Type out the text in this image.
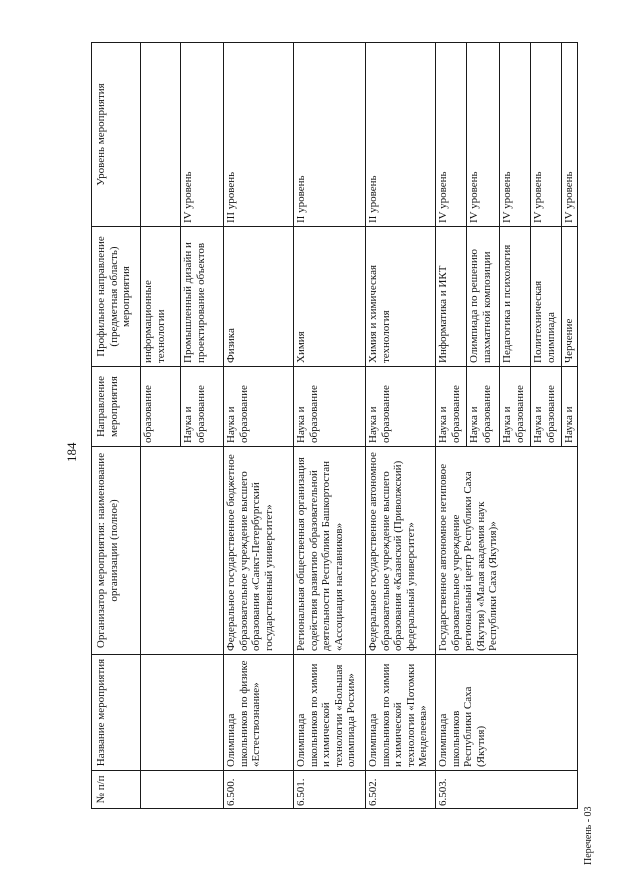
184
№ п/п	Название мероприятия	Организатор мероприятия: наименование организации (полное)	Направление мероприятия	Профильное направление (предметная область) мероприятия	Уровень мероприятия
			образование	информационные технологии	
			Наука и образование	Промышленный дизайн и проектирование объектов	IV уровень
6.500.	Олимпиада школьников по физике «Естествознание»	Федеральное государственное бюджетное образовательное учреждение высшего образования «Санкт-Петербургский государственный университет»	Наука и образование	Физика	III уровень
6.501.	Олимпиада школьников по химии и химической технологии «Большая олимпиада Росхим»	Региональная общественная организация содействия развитию образовательной деятельности Республики Башкортостан «Ассоциация наставников»	Наука и образование	Химия	II уровень
6.502.	Олимпиада школьников по химии и химической технологии «Потомки Менделеева»	Федеральное государственное автономное образовательное учреждение высшего образования «Казанский (Приволжский) федеральный университет»	Наука и образование	Химия и химическая технология	II уровень
6.503.	Олимпиада школьников Республики Саха (Якутия)	Государственное автономное нетиповое образовательное учреждение региональный центр Республики Саха (Якутия) «Малая академия наук Республики Саха (Якутия)»	Наука и образование	Информатика и ИКТ	IV уровень
			Наука и образование	Олимпиада по решению шахматной композиции	IV уровень
			Наука и образование	Педагогика и психология	IV уровень
			Наука и образование	Политехническая олимпиада	IV уровень
			Наука и	Черчение	IV уровень
Перечень - 03
